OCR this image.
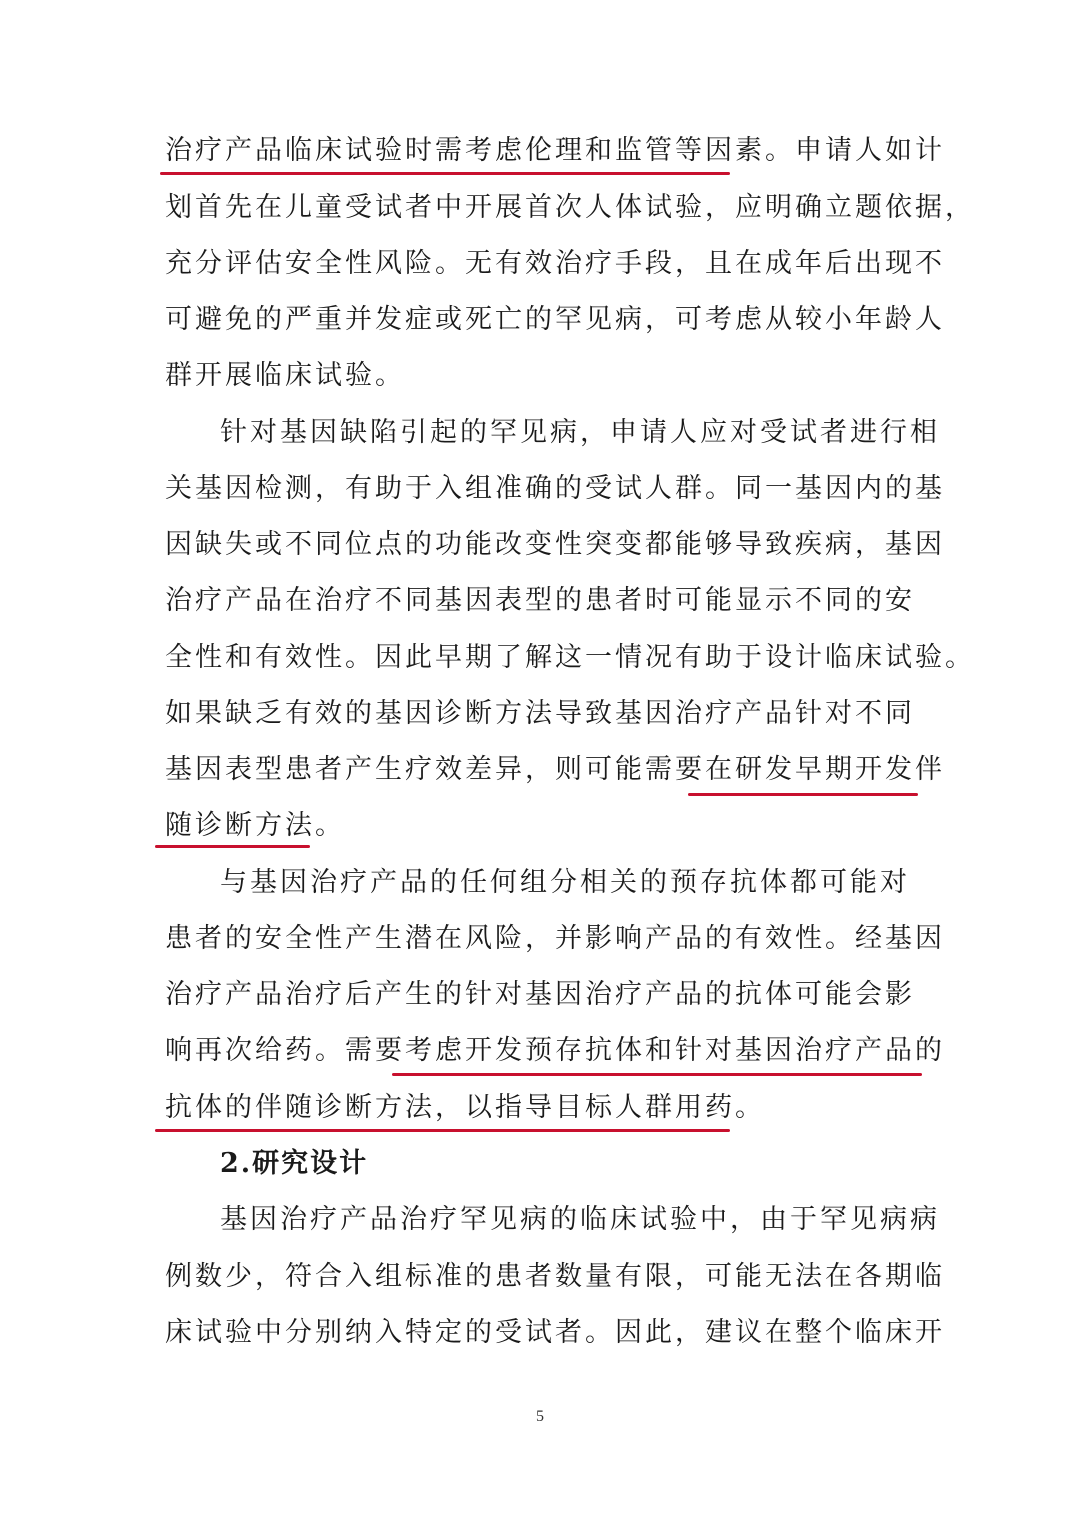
治疗产品临床试验时需考虑伦理和监管等因素。申请人如计
划首先在儿童受试者中开展首次人体试验，应明确立题依据，
充分评估安全性风险。无有效治疗手段，且在成年后出现不
可避免的严重并发症或死亡的罕见病，可考虑从较小年龄人
群开展临床试验。
针对基因缺陷引起的罕见病，申请人应对受试者进行相
关基因检测，有助于入组准确的受试人群。同一基因内的基
因缺失或不同位点的功能改变性突变都能够导致疾病，基因
治疗产品在治疗不同基因表型的患者时可能显示不同的安
全性和有效性。因此早期了解这一情况有助于设计临床试验。
如果缺乏有效的基因诊断方法导致基因治疗产品针对不同
基因表型患者产生疗效差异，则可能需要在研发早期开发伴
随诊断方法。
与基因治疗产品的任何组分相关的预存抗体都可能对
患者的安全性产生潜在风险，并影响产品的有效性。经基因
治疗产品治疗后产生的针对基因治疗产品的抗体可能会影
响再次给药。需要考虑开发预存抗体和针对基因治疗产品的
抗体的伴随诊断方法，以指导目标人群用药。
2.研究设计
基因治疗产品治疗罕见病的临床试验中，由于罕见病病
例数少，符合入组标准的患者数量有限，可能无法在各期临
床试验中分别纳入特定的受试者。因此，建议在整个临床开
5
